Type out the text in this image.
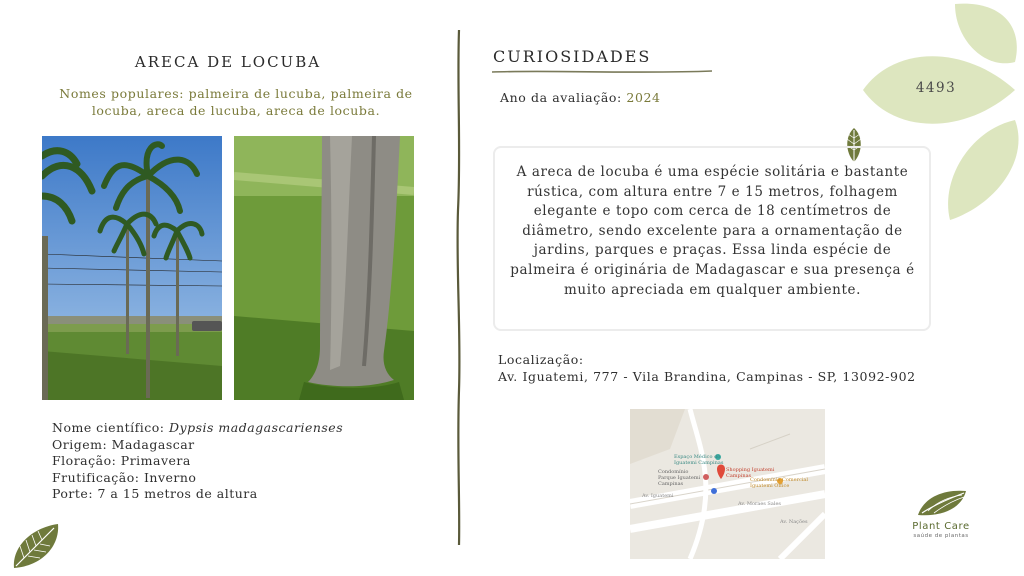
4493
ARECA DE LOCUBA
Nomes populares: palmeira de lucuba, palmeira de locuba, areca de lucuba, areca de locuba.
Nome científico: Dypsis madagascarienses
Origem: Madagascar
Floração: Primavera
Frutificação: Inverno
Porte: 7 a 15 metros de altura
CURIOSIDADES
Ano da avaliação: 2024
A areca de locuba é uma espécie solitária e bastante rústica, com altura entre 7 e 15 metros, folhagem elegante e topo com cerca de 18 centímetros de diâmetro, sendo excelente para a ornamentação de jardins, parques e praças. Essa linda espécie de palmeira é originária de Madagascar e sua presença é muito apreciada em qualquer ambiente.
Localização:
Av. Iguatemi, 777 - Vila Brandina, Campinas - SP, 13092-902
Espaço Médico do Iguatemi Campinas
Shopping Iguatemi Campinas
Condomínio Parque Iguatemi Campinas
Condomínio Comercial Iguatemi Office
Av. Iguatemi
Av. Moraes Sales
Av. Nações	Plant Care
saúde de plantas
